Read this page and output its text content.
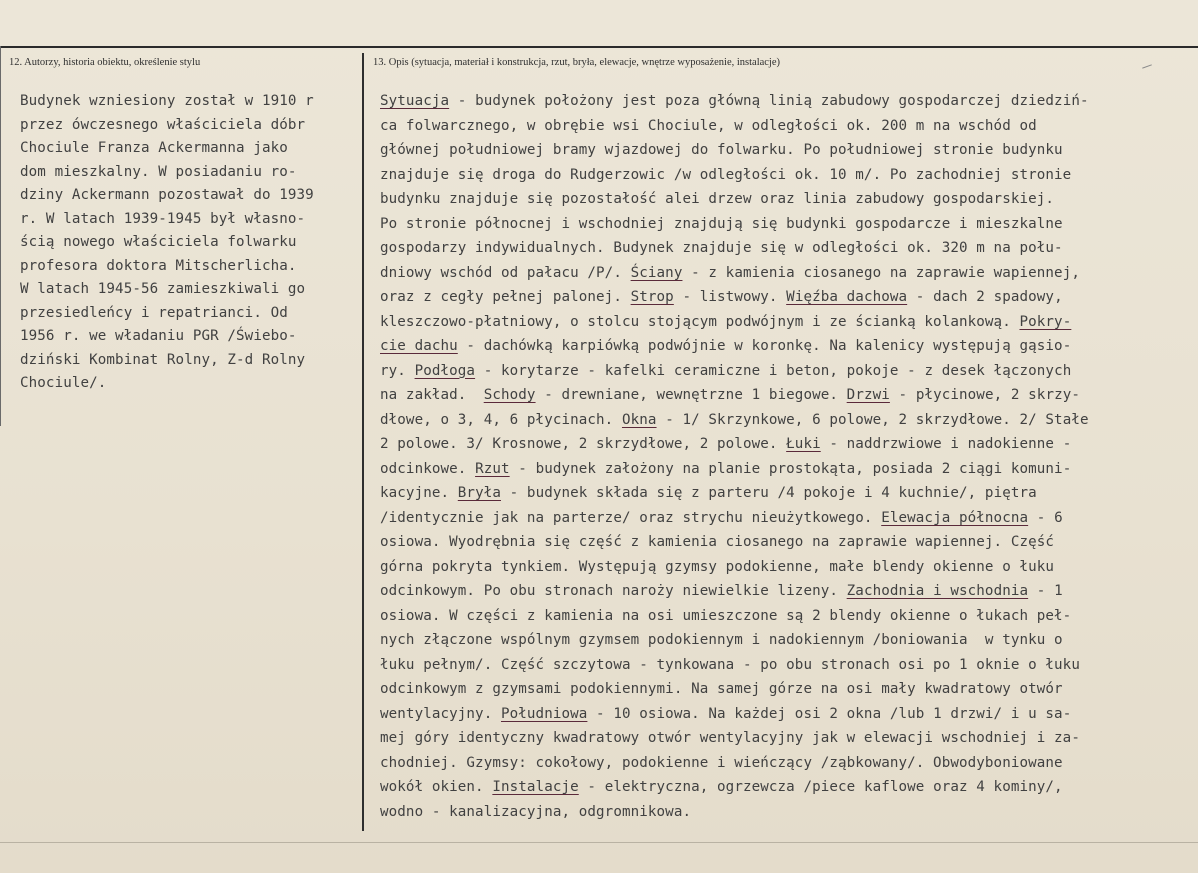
12. Autorzy, historia obiektu, określenie stylu	13. Opis (sytuacja, materiał i konstrukcja, rzut, bryła, elewacje, wnętrze wyposażenie, instalacje)
Budynek wzniesiony został w 1910 r
przez ówczesnego właściciela dóbr
Chociule Franza Ackermanna jako
dom mieszkalny. W posiadaniu ro-
dziny Ackermann pozostawał do 1939
r. W latach 1939-1945 był własno-
ścią nowego właściciela folwarku
profesora doktora Mitscherlicha.
W latach 1945-56 zamieszkiwali go
przesiedleńcy i repatrianci. Od
1956 r. we władaniu PGR /Świebo-
dziński Kombinat Rolny, Z-d Rolny
Chociule/.
Sytuacja - budynek położony jest poza główną linią zabudowy gospodarczej dziedziń-
ca folwarcznego, w obrębie wsi Chociule, w odległości ok. 200 m na wschód od
głównej południowej bramy wjazdowej do folwarku. Po południowej stronie budynku
znajduje się droga do Rudgerzowic /w odległości ok. 10 m/. Po zachodniej stronie
budynku znajduje się pozostałość alei drzew oraz linia zabudowy gospodarskiej.
Po stronie północnej i wschodniej znajdują się budynki gospodarcze i mieszkalne
gospodarzy indywidualnych. Budynek znajduje się w odległości ok. 320 m na połu-
dniowy wschód od pałacu /P/. Ściany - z kamienia ciosanego na zaprawie wapiennej,
oraz z cegły pełnej palonej. Strop - listwowy. Więźba dachowa - dach 2 spadowy,
kleszczowo-płatniowy, o stolcu stojącym podwójnym i ze ścianką kolankową. Pokry-
cie dachu - dachówką karpiówką podwójnie w koronkę. Na kalenicy występują gąsio-
ry. Podłoga - korytarze - kafelki ceramiczne i beton, pokoje - z desek łączonych
na zakład.  Schody - drewniane, wewnętrzne 1 biegowe. Drzwi - płycinowe, 2 skrzy-
dłowe, o 3, 4, 6 płycinach. Okna - 1/ Skrzynkowe, 6 polowe, 2 skrzydłowe. 2/ Stałe
2 polowe. 3/ Krosnowe, 2 skrzydłowe, 2 polowe. Łuki - naddrzwiowe i nadokienne -
odcinkowe. Rzut - budynek założony na planie prostokąta, posiada 2 ciągi komuni-
kacyjne. Bryła - budynek składa się z parteru /4 pokoje i 4 kuchnie/, piętra
/identycznie jak na parterze/ oraz strychu nieużytkowego. Elewacja północna - 6
osiowa. Wyodrębnia się część z kamienia ciosanego na zaprawie wapiennej. Część
górna pokryta tynkiem. Występują gzymsy podokienne, małe blendy okienne o łuku
odcinkowym. Po obu stronach naroży niewielkie lizeny. Zachodnia i wschodnia - 1
osiowa. W części z kamienia na osi umieszczone są 2 blendy okienne o łukach peł-
nych złączone wspólnym gzymsem podokiennym i nadokiennym /boniowania  w tynku o
łuku pełnym/. Część szczytowa - tynkowana - po obu stronach osi po 1 oknie o łuku
odcinkowym z gzymsami podokiennymi. Na samej górze na osi mały kwadratowy otwór
wentylacyjny. Południowa - 10 osiowa. Na każdej osi 2 okna /lub 1 drzwi/ i u sa-
mej góry identyczny kwadratowy otwór wentylacyjny jak w elewacji wschodniej i za-
chodniej. Gzymsy: cokołowy, podokienne i wieńczący /ząbkowany/. Obwodyboniowane
wokół okien. Instalacje - elektryczna, ogrzewcza /piece kaflowe oraz 4 kominy/,
wodno - kanalizacyjna, odgromnikowa.
